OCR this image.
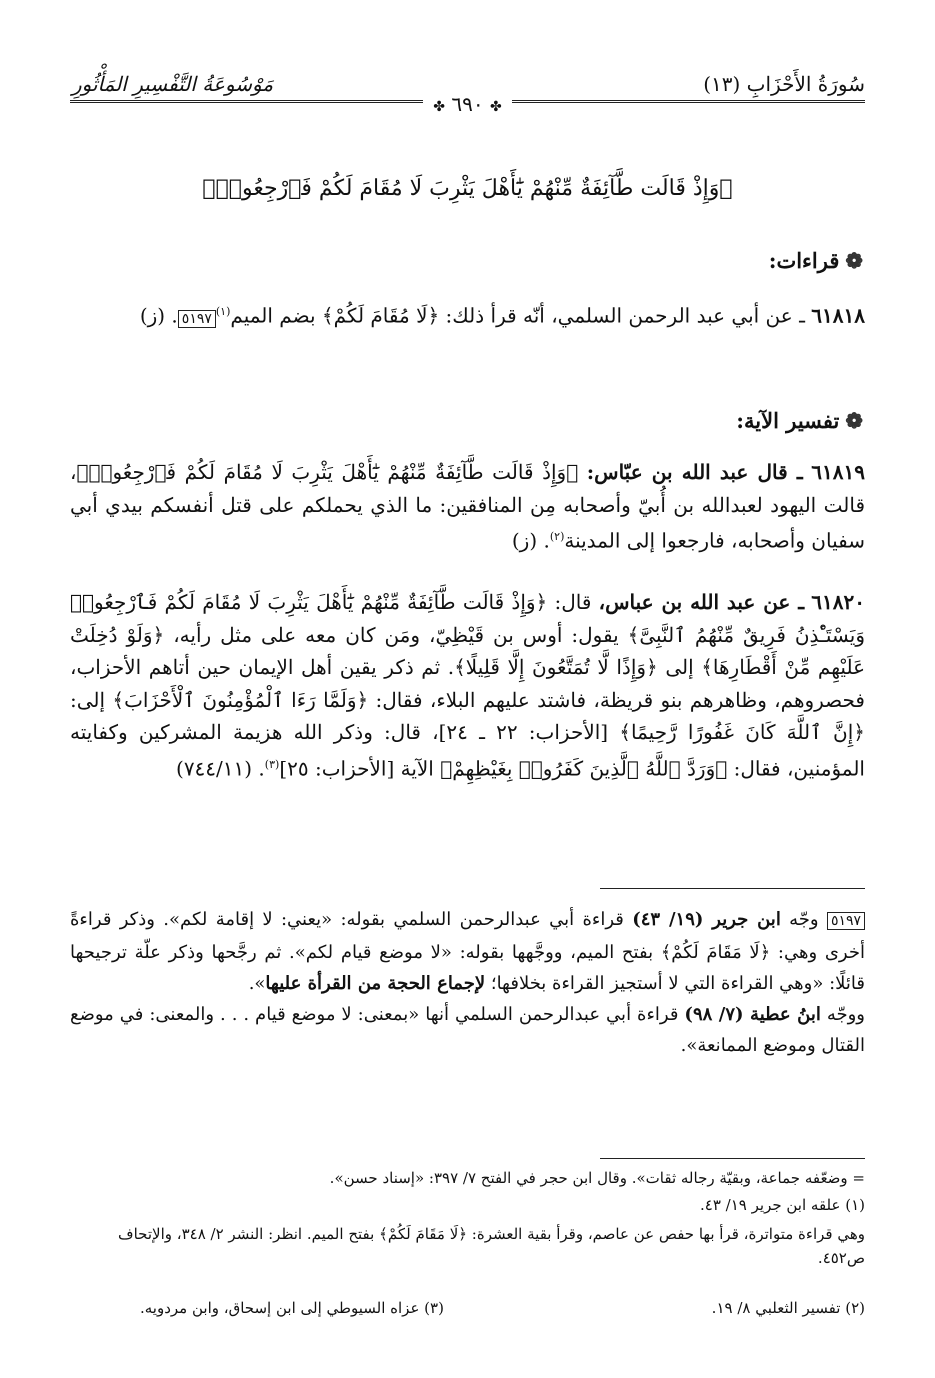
سُورَةُ الأَحْزَابِ (١٣)
مَوْسُوعَةُ التَّفْسِيرِ المَأْثُورِ
✤ ٦٩٠ ✤
﴿وَإِذْ قَالَت طَّآئِفَةٌ مِّنْهُمْ يَٰٓأَهْلَ يَثْرِبَ لَا مُقَامَ لَكُمْ فَٱرْجِعُوا۟﴾
❁قراءات:
٦١٨١٨ ـ عن أبي عبد الرحمن السلمي، أنّه قرأ ذلك: ﴿لَا مُقَامَ لَكُمْ﴾ بضم الميم$^{(١)}$٥١٩٧. (ز)
❁تفسير الآية:
٦١٨١٩ ـ قال عبد الله بن عبّاس: ﴿وَإِذْ قَالَت طَّآئِفَةٌ مِّنْهُمْ يَٰٓأَهْلَ يَثْرِبَ لَا مُقَامَ لَكُمْ فَٱرْجِعُوا۟﴾، قالت اليهود لعبدالله بن أُبيّ وأصحابه مِن المنافقين: ما الذي يحملكم على قتل أنفسكم بيدي أبي سفيان وأصحابه، فارجعوا إلى المدينة$^{(٢)}$. (ز)
٦١٨٢٠ ـ عن عبد الله بن عباس، قال: ﴿وَإِذْ قَالَت طَّآئِفَةٌ مِّنْهُمْ يَٰٓأَهْلَ يَثْرِبَ لَا مُقَامَ لَكُمْ فَٱرْجِعُوا۟ وَيَسْتَـْٔذِنُ فَرِيقٌ مِّنْهُمُ ٱلنَّبِىَّ﴾ يقول: أوس بن قَيْظِيّ، ومَن كان معه على مثل رأيه، ﴿وَلَوْ دُخِلَتْ عَلَيْهِم مِّنْ أَقْطَارِهَا﴾ إلى ﴿وَإِذًا لَّا تُمَتَّعُونَ إِلَّا قَلِيلًا﴾. ثم ذكر يقين أهل الإيمان حين أتاهم الأحزاب، فحصروهم، وظاهرهم بنو قريظة، فاشتد عليهم البلاء، فقال: ﴿وَلَمَّا رَءَا ٱلْمُؤْمِنُونَ ٱلْأَحْزَابَ﴾ إلى: ﴿إِنَّ ٱللَّهَ كَانَ غَفُورًا رَّحِيمًا﴾ [الأحزاب: ٢٢ ـ ٢٤]، قال: وذكر الله هزيمة المشركين وكفايته المؤمنين، فقال: ﴿وَرَدَّ ٱللَّهُ ٱلَّذِينَ كَفَرُوا۟ بِغَيْظِهِمْ﴾ الآية [الأحزاب: ٢٥]$^{(٣)}$. (٧٤٤/١١)
٥١٩٧ وجّه ابن جرير (١٩/ ٤٣) قراءة أبي عبدالرحمن السلمي بقوله: «يعني: لا إقامة لكم». وذكر قراءةً أخرى وهي: ﴿لَا مَقَامَ لَكُمْ﴾ بفتح الميم، ووجَّهها بقوله: «لا موضع قيام لكم». ثم رجَّحها وذكر علّة ترجيحها قائلًا: «وهي القراءة التي لا أستجيز القراءة بخلافها؛ لإجماع الحجة من القرأة عليها».
ووجّه ابنُ عطية (٧/ ٩٨) قراءة أبي عبدالرحمن السلمي أنها «بمعنى: لا موضع قيام . . . والمعنى: في موضع القتال وموضع الممانعة».
= وضعّفه جماعة، وبقيّة رجاله ثقات». وقال ابن حجر في الفتح ٧/ ٣٩٧: «إسناد حسن».
(١) علقه ابن جرير ١٩/ ٤٣.
وهي قراءة متواترة، قرأ بها حفص عن عاصم، وقرأ بقية العشرة: ﴿لَا مَقَامَ لَكُمْ﴾ بفتح الميم. انظر: النشر ٢/ ٣٤٨، والإتحاف ص٤٥٢.
(٢) تفسير الثعلبي ٨/ ١٩.
(٣) عزاه السيوطي إلى ابن إسحاق، وابن مردويه.
